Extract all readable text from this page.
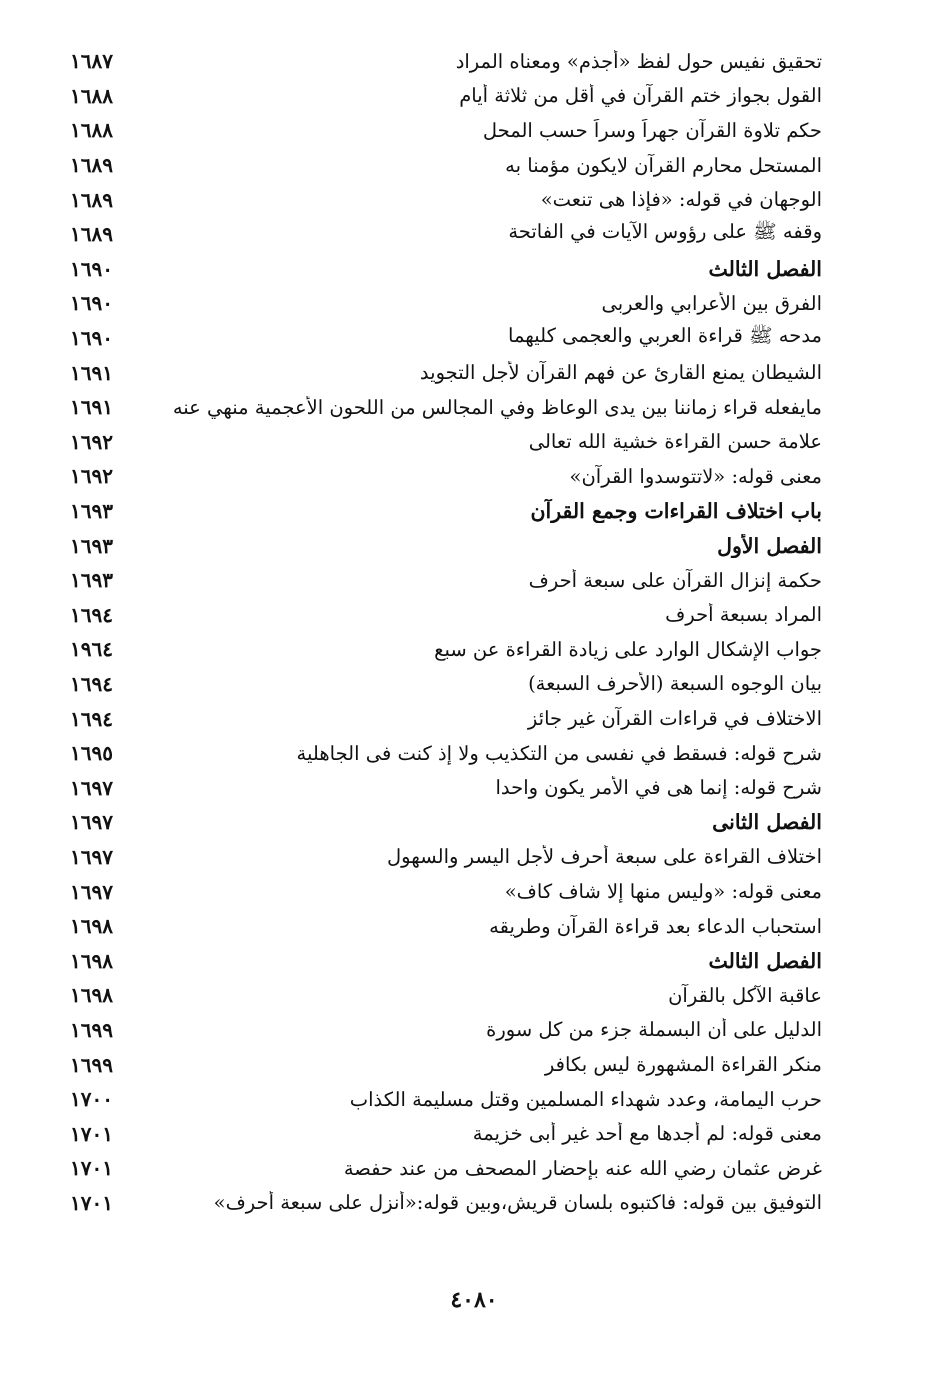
١٦٨٧	تحقيق نفيس حول لفظ «أجذم» ومعناه المراد
١٦٨٨	القول بجواز ختم القرآن في أقل من ثلاثة أيام
١٦٨٨	حكم تلاوة القرآن جهراً وسراً حسب المحل
١٦٨٩	المستحل محارم القرآن لايكون مؤمنا به
١٦٨٩	الوجهان في قوله: «فإذا هى تنعت»
١٦٨٩	وقفه ﷺ على رؤوس الآيات في الفاتحة
١٦٩٠	الفصل الثالث
١٦٩٠	الفرق بين الأعرابي والعربى
١٦٩٠	مدحه ﷺ قراءة العربي والعجمى كليهما
١٦٩١	الشيطان يمنع القارئ عن فهم القرآن لأجل التجويد
١٦٩١	مايفعله قراء زماننا بين يدى الوعاظ وفي المجالس من اللحون الأعجمية منهي عنه
١٦٩٢	علامة حسن القراءة خشية الله تعالى
١٦٩٢	معنى قوله: «لاتتوسدوا القرآن»
١٦٩٣	باب اختلاف القراءات وجمع القرآن
١٦٩٣	الفصل الأول
١٦٩٣	حكمة إنزال القرآن على سبعة أحرف
١٦٩٤	المراد بسبعة أحرف
١٩٦٤	جواب الإشكال الوارد على زيادة القراءة عن سبع
١٦٩٤	بيان الوجوه السبعة (الأحرف السبعة)
١٦٩٤	الاختلاف في قراءات القرآن غير جائز
١٦٩٥	شرح قوله: فسقط في نفسى من التكذيب ولا إذ كنت فى الجاهلية
١٦٩٧	شرح قوله: إنما هى في الأمر يكون واحدا
١٦٩٧	الفصل الثانى
١٦٩٧	اختلاف القراءة على سبعة أحرف لأجل اليسر والسهول
١٦٩٧	معنى قوله: «وليس منها إلا شاف كاف»
١٦٩٨	استحباب الدعاء بعد قراءة القرآن وطريقه
١٦٩٨	الفصل الثالث
١٦٩٨	عاقبة الآكل بالقرآن
١٦٩٩	الدليل على أن البسملة جزء من كل سورة
١٦٩٩	منكر القراءة المشهورة ليس بكافر
١٧٠٠	حرب اليمامة، وعدد شهداء المسلمين وقتل مسليمة الكذاب
١٧٠١	معنى قوله: لم أجدها مع أحد غير أبى خزيمة
١٧٠١	غرض عثمان رضي الله عنه بإحضار المصحف من عند حفصة
١٧٠١	التوفيق بين قوله: فاكتبوه بلسان قريش،وبين قوله:«أنزل على سبعة أحرف»
٤٠٨٠
